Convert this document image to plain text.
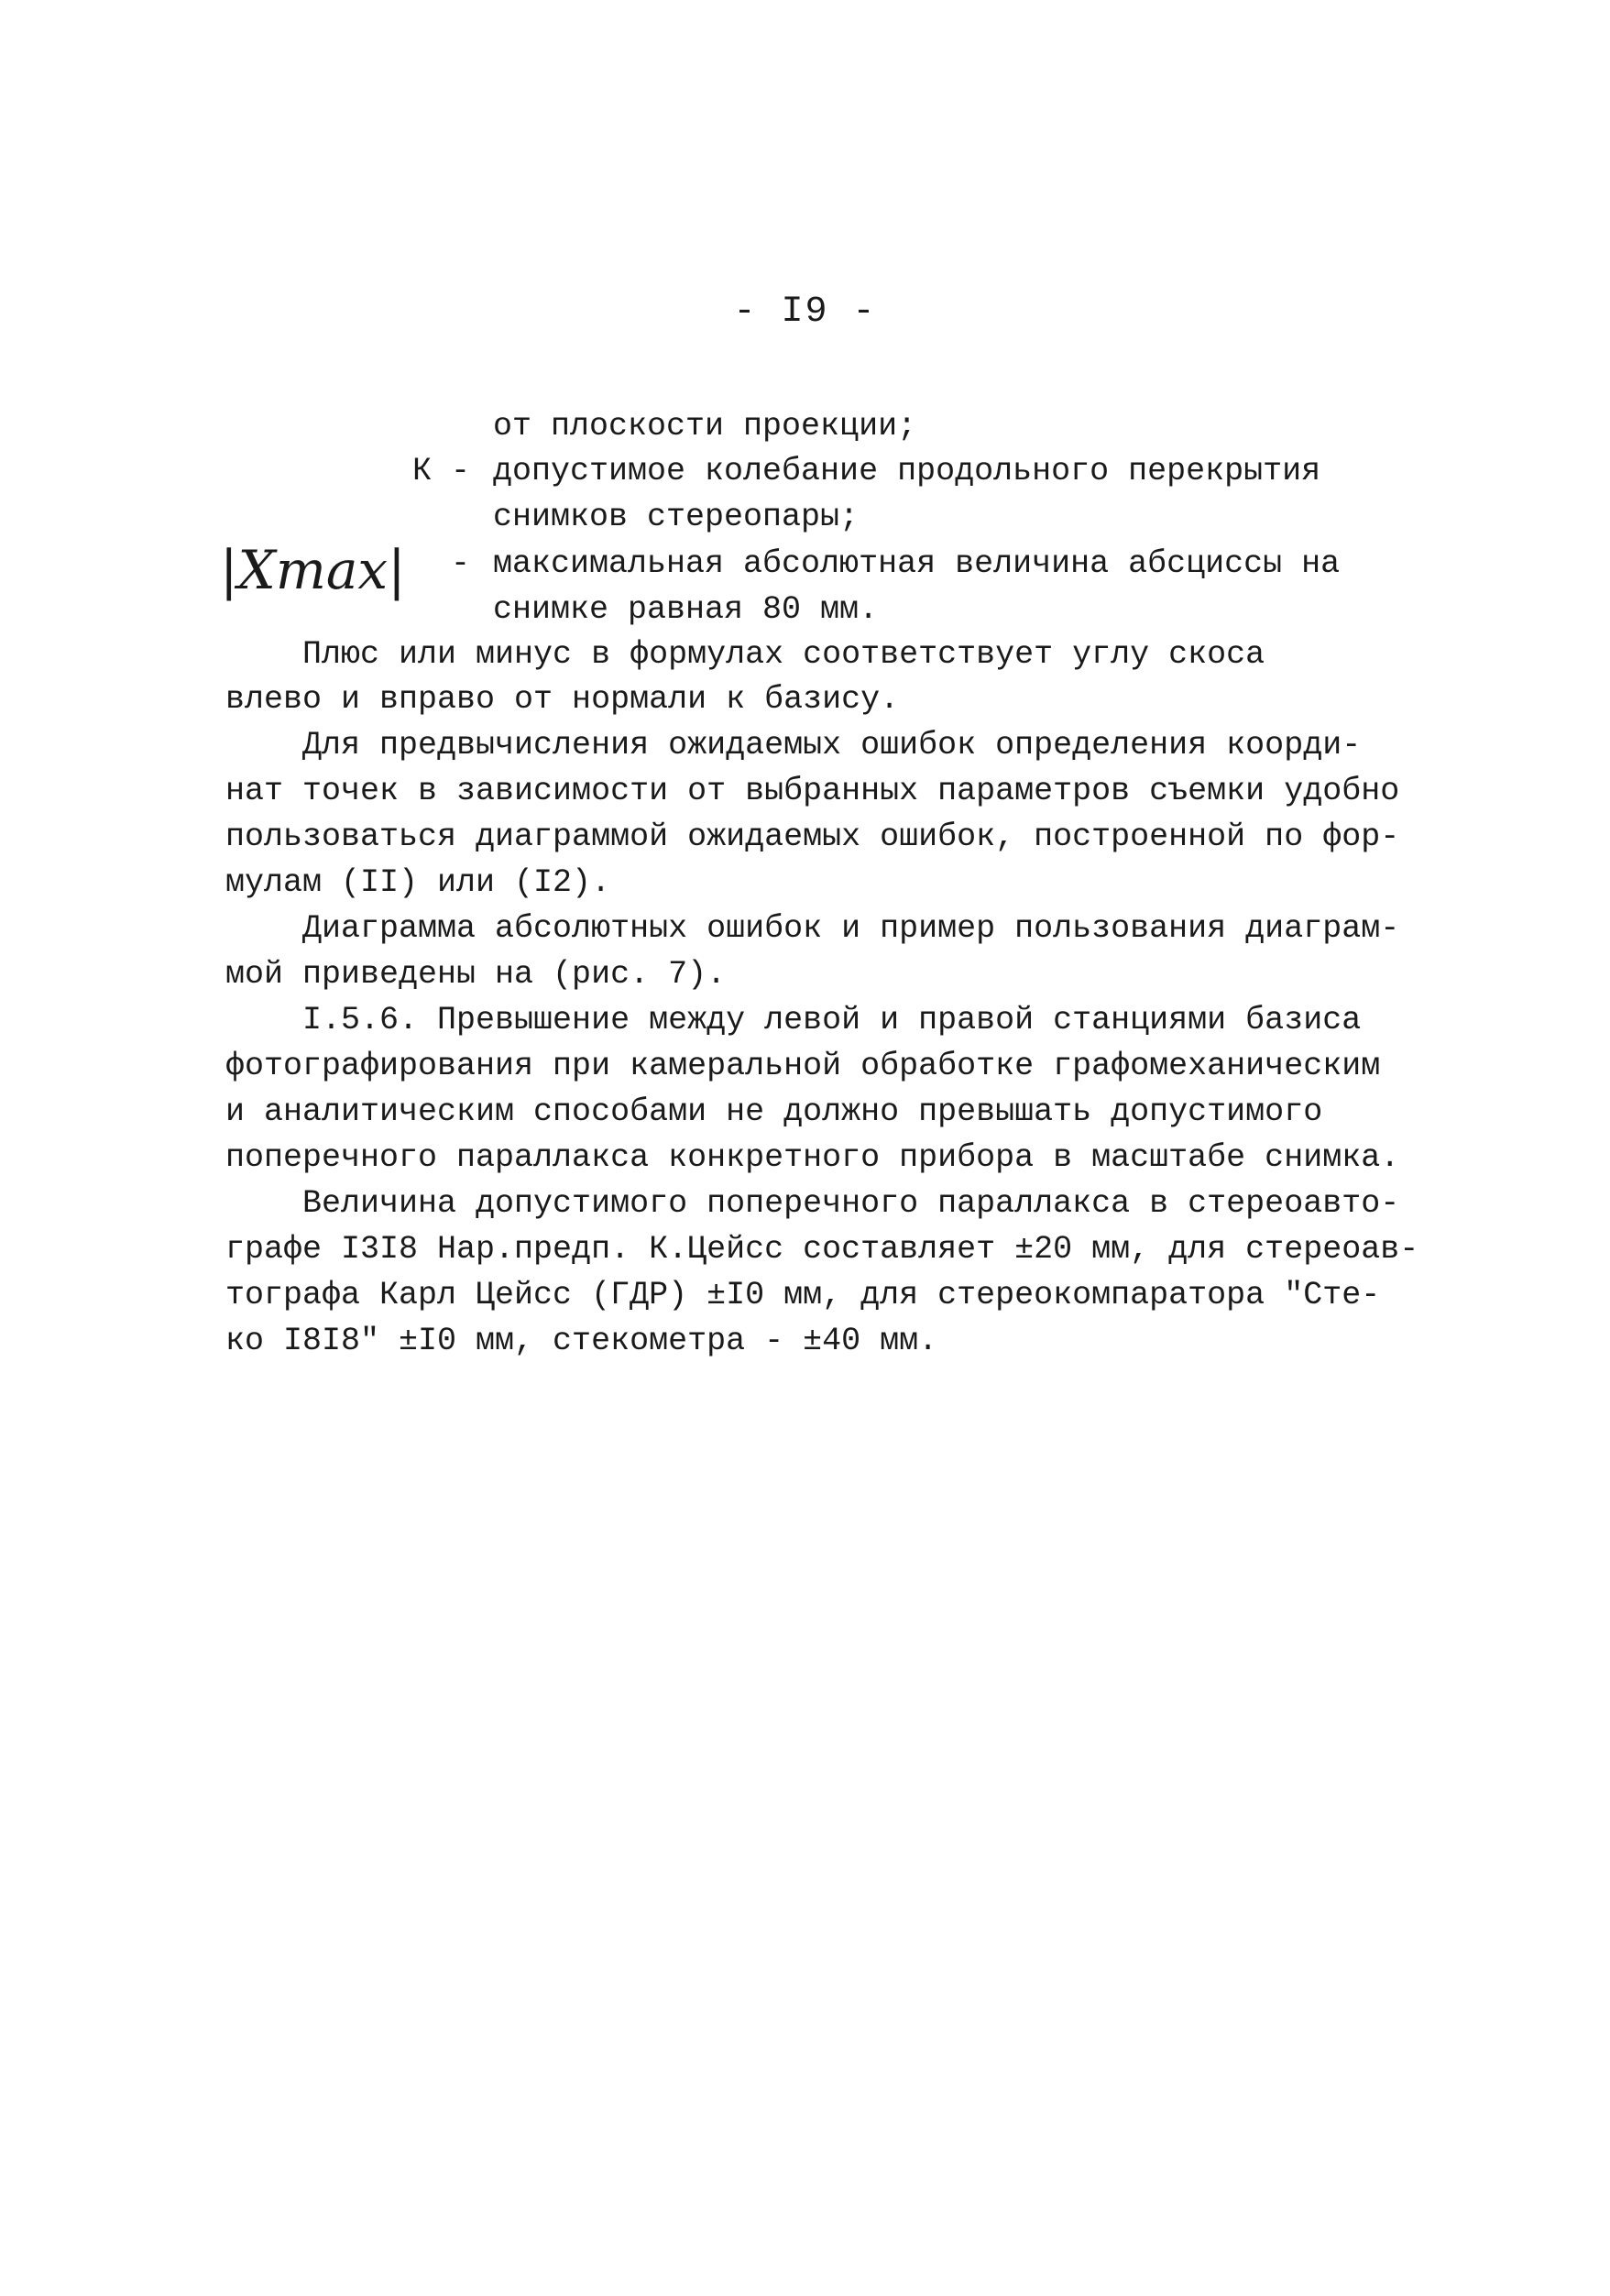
- I9 -
от плоскости проекции;
К - допустимое колебание продольного перекрытия
снимков стереопары;
|Xmax| - максимальная абсолютная величина абсциссы на
снимке равная 80 мм.
Плюс или минус в формулах соответствует углу скоса
влево и вправо от нормали к базису.
Для предвычисления ожидаемых ошибок определения коорди-
нат точек в зависимости от выбранных параметров съемки удобно
пользоваться диаграммой ожидаемых ошибок, построенной по фор-
мулам (II) или (I2).
Диаграмма абсолютных ошибок и пример пользования диаграм-
мой приведены на (рис. 7).
I.5.6. Превышение между левой и правой станциями базиса
фотографирования при камеральной обработке графомеханическим
и аналитическим способами не должно превышать допустимого
поперечного параллакса конкретного прибора в масштабе снимка.
Величина допустимого поперечного параллакса в стереоавто-
графе I3I8 Нар.предп. К.Цейсс составляет ±20 мм, для стереоав-
тографа Карл Цейсс (ГДР) ±I0 мм, для стереокомпаратора "Сте-
ко I8I8" ±I0 мм, стекометра - ±40 мм.
